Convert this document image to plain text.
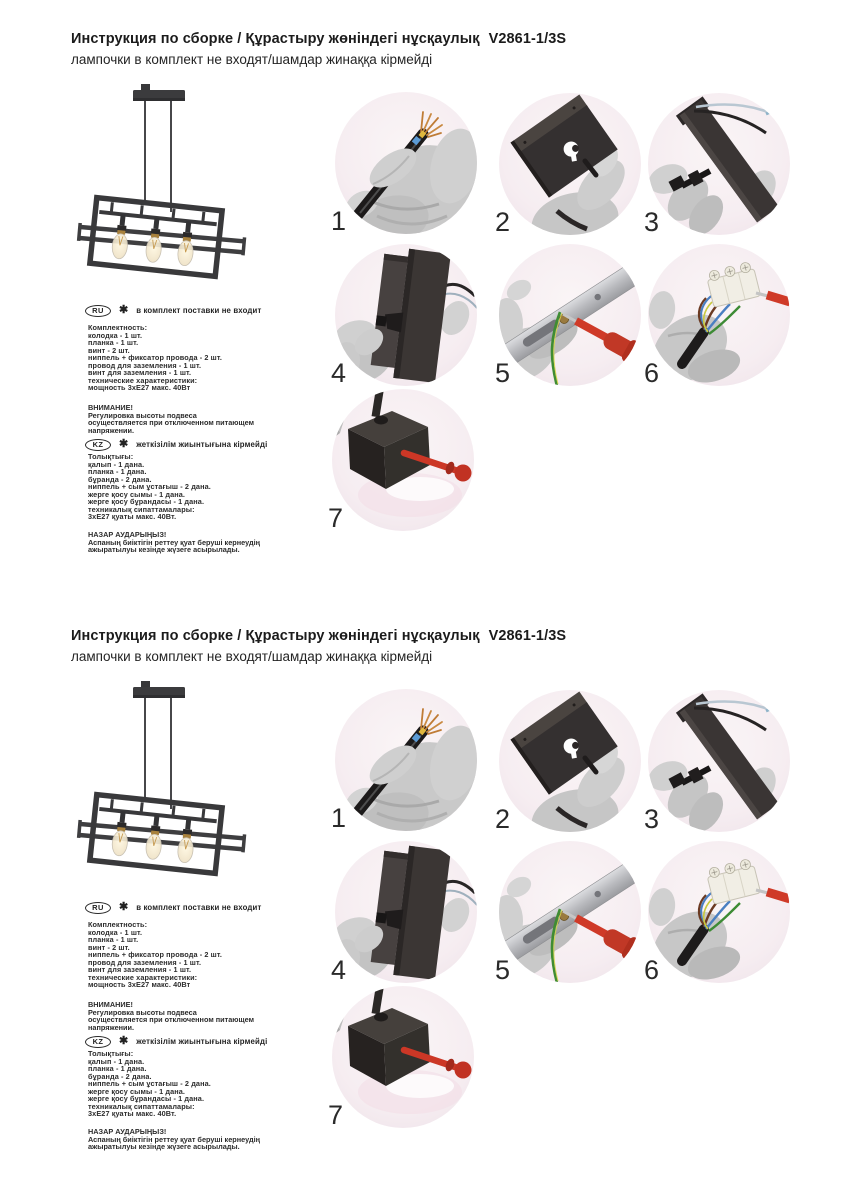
Инструкция по сборке / Құрастыру жөніндегі нұсқаулық V2861-1/3S
лампочки в комплект не входят/шамдар жинаққа кірмейді
RU	✱ в комплект поставки не входит
Комплектность:
колодка - 1 шт.
планка - 1 шт.
винт - 2 шт.
ниппель + фиксатор провода - 2 шт.
провод для заземления - 1 шт.
винт для заземления - 1 шт.
технические характеристики:
мощность 3хЕ27 макс. 40Вт
ВНИМАНИЕ!
Регулировка высоты подвеса осуществляется при отключенном питающем напряжении.
KZ	✱ жеткізілім жиынтығына кірмейді
Толықтығы:
қалып - 1 дана.
планка - 1 дана.
бұранда - 2 дана.
ниппель + сым ұстағыш - 2 дана.
жерге қосу сымы - 1 дана.
жерге қосу бұрандасы - 1 дана.
техникалық сипаттамалары:
3хЕ27 қуаты макс. 40Вт.
НАЗАР АУДАРЫҢЫЗ!
Аспаның биіктігін реттеу қуат беруші кернеудің ажыратылуы кезінде жүзеге асырылады.
1	2	3
4	5	6
7
Инструкция по сборке / Құрастыру жөніндегі нұсқаулық V2861-1/3S
лампочки в комплект не входят/шамдар жинаққа кірмейді
RU	✱ в комплект поставки не входит
Комплектность:
колодка - 1 шт.
планка - 1 шт.
винт - 2 шт.
ниппель + фиксатор провода - 2 шт.
провод для заземления - 1 шт.
винт для заземления - 1 шт.
технические характеристики:
мощность 3хЕ27 макс. 40Вт
ВНИМАНИЕ!
Регулировка высоты подвеса осуществляется при отключенном питающем напряжении.
KZ	✱ жеткізілім жиынтығына кірмейді
Толықтығы:
қалып - 1 дана.
планка - 1 дана.
бұранда - 2 дана.
ниппель + сым ұстағыш - 2 дана.
жерге қосу сымы - 1 дана.
жерге қосу бұрандасы - 1 дана.
техникалық сипаттамалары:
3хЕ27 қуаты макс. 40Вт.
НАЗАР АУДАРЫҢЫЗ!
Аспаның биіктігін реттеу қуат беруші кернеудің ажыратылуы кезінде жүзеге асырылады.
1	2	3
4	5	6
7
